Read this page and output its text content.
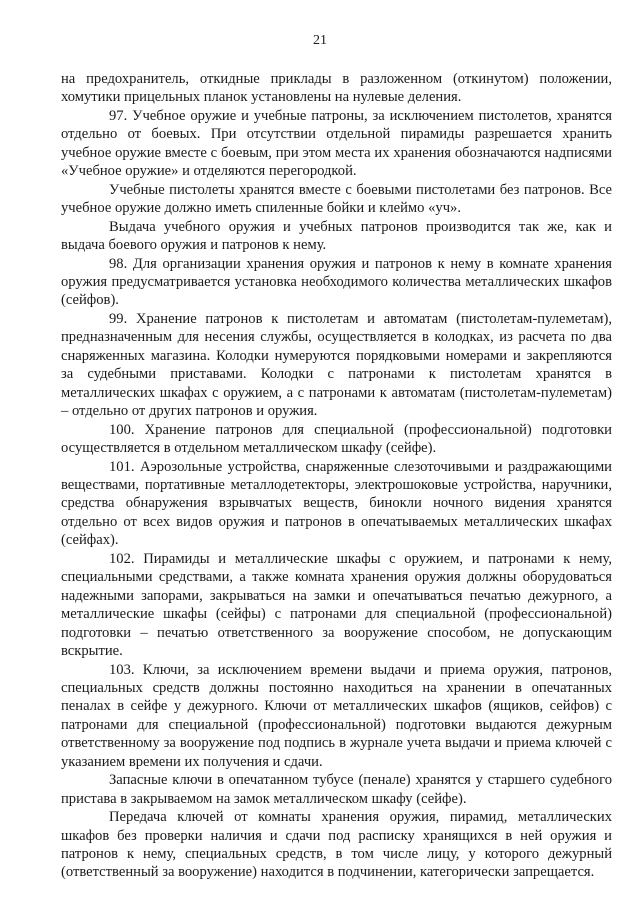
21

на предохранитель, откидные приклады в разложенном (откинутом) положении, хомутики прицельных планок установлены на нулевые деления.

97. Учебное оружие и учебные патроны, за исключением пистолетов, хранятся отдельно от боевых. При отсутствии отдельной пирамиды разрешается хранить учебное оружие вместе с боевым, при этом места их хранения обозначаются надписями «Учебное оружие» и отделяются перегородкой.

Учебные пистолеты хранятся вместе с боевыми пистолетами без патронов. Все учебное оружие должно иметь спиленные бойки и клеймо «уч».

Выдача учебного оружия и учебных патронов производится так же, как и выдача боевого оружия и патронов к нему.

98. Для организации хранения оружия и патронов к нему в комнате хранения оружия предусматривается установка необходимого количества металлических шкафов (сейфов).

99. Хранение патронов к пистолетам и автоматам (пистолетам-пулеметам), предназначенным для несения службы, осуществляется в колодках, из расчета по два снаряженных магазина. Колодки нумеруются порядковыми номерами и закрепляются за судебными приставами. Колодки с патронами к пистолетам хранятся в металлических шкафах с оружием, а с патронами к автоматам (пистолетам-пулеметам) – отдельно от других патронов и оружия.

100. Хранение патронов для специальной (профессиональной) подготовки осуществляется в отдельном металлическом шкафу (сейфе).

101. Аэрозольные устройства, снаряженные слезоточивыми и раздражающими веществами, портативные металлодетекторы, электрошоковые устройства, наручники, средства обнаружения взрывчатых веществ, бинокли ночного видения хранятся отдельно от всех видов оружия и патронов в опечатываемых металлических шкафах (сейфах).

102. Пирамиды и металлические шкафы с оружием, и патронами к нему, специальными средствами, а также комната хранения оружия должны оборудоваться надежными запорами, закрываться на замки и опечатываться печатью дежурного, а металлические шкафы (сейфы) с патронами для специальной (профессиональной) подготовки – печатью ответственного за вооружение способом, не допускающим вскрытие.

103. Ключи, за исключением времени выдачи и приема оружия, патронов, специальных средств должны постоянно находиться на хранении в опечатанных пеналах в сейфе у дежурного. Ключи от металлических шкафов (ящиков, сейфов) с патронами для специальной (профессиональной) подготовки выдаются дежурным ответственному за вооружение под подпись в журнале учета выдачи и приема ключей с указанием времени их получения и сдачи.

Запасные ключи в опечатанном тубусе (пенале) хранятся у старшего судебного пристава в закрываемом на замок металлическом шкафу (сейфе).

Передача ключей от комнаты хранения оружия, пирамид, металлических шкафов без проверки наличия и сдачи под расписку хранящихся в ней оружия и патронов к нему, специальных средств, в том числе лицу, у которого дежурный (ответственный за вооружение) находится в подчинении, категорически запрещается.
